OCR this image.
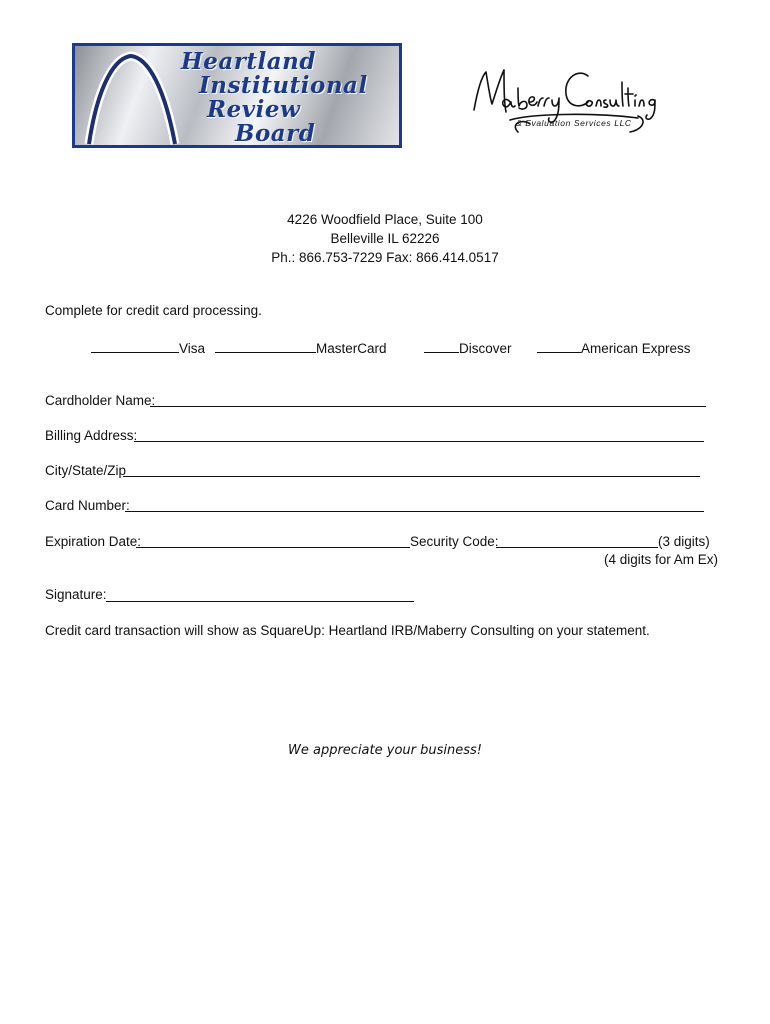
Heartland
Institutional
Review
Board	& Evaluation Services LLC
4226 Woodfield Place, Suite 100
Belleville IL 62226
Ph.: 866.753-7229 Fax: 866.414.0517
Complete for credit card processing.
Visa	MasterCard	Discover	American Express
Cardholder Name:
Billing Address:
City/State/Zip
Card Number:
Expiration Date:	Security Code:	(3 digits)
(4 digits for Am Ex)
Signature:
Credit card transaction will show as SquareUp: Heartland IRB/Maberry Consulting on your statement.
We appreciate your business!
